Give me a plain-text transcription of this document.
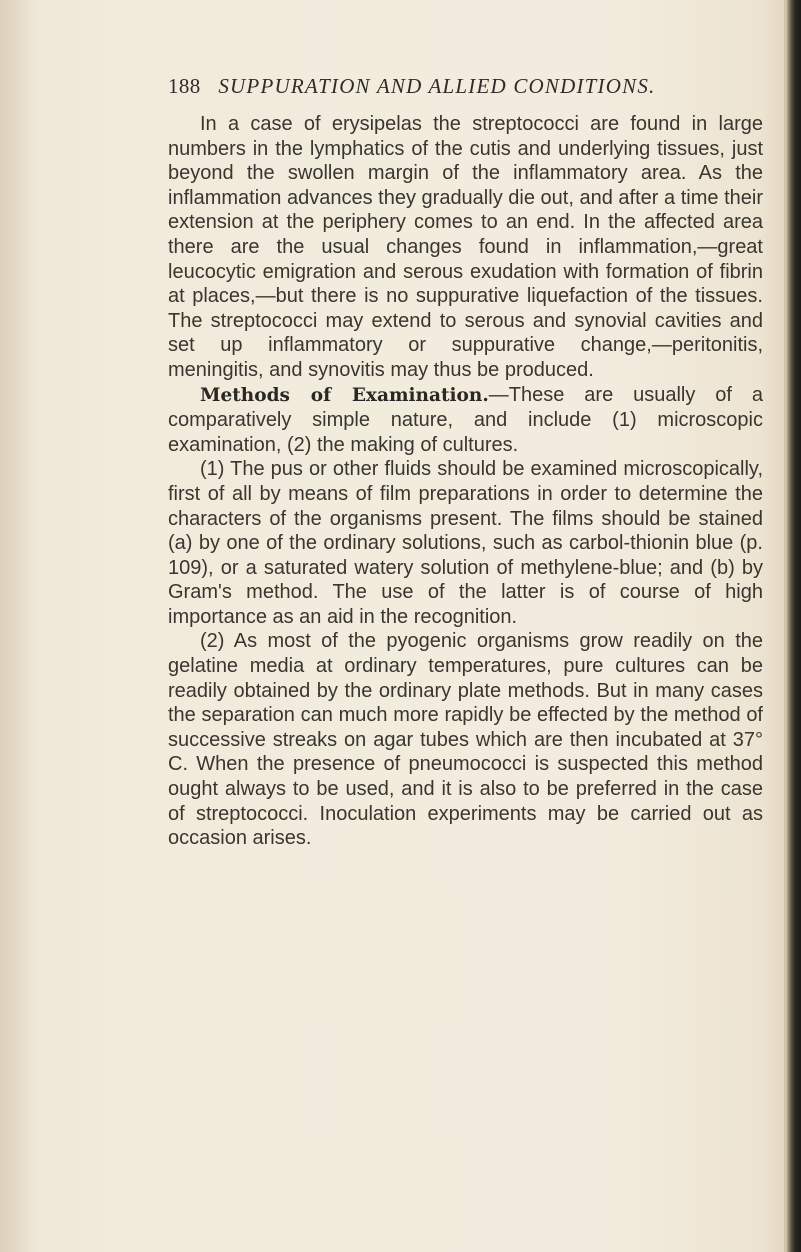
188 SUPPURATION AND ALLIED CONDITIONS.

In a case of erysipelas the streptococci are found in large numbers in the lymphatics of the cutis and underlying tissues, just beyond the swollen margin of the inflammatory area. As the inflammation advances they gradually die out, and after a time their extension at the periphery comes to an end. In the affected area there are the usual changes found in inflammation,—great leucocytic emigration and serous exudation with formation of fibrin at places,—but there is no suppurative liquefaction of the tissues. The streptococci may extend to serous and synovial cavities and set up inflammatory or suppurative change,—peritonitis, meningitis, and synovitis may thus be produced.

Methods of Examination.—These are usually of a comparatively simple nature, and include (1) microscopic examination, (2) the making of cultures.

(1) The pus or other fluids should be examined microscopically, first of all by means of film preparations in order to determine the characters of the organisms present. The films should be stained (a) by one of the ordinary solutions, such as carbol-thionin blue (p. 109), or a saturated watery solution of methylene-blue; and (b) by Gram's method. The use of the latter is of course of high importance as an aid in the recognition.

(2) As most of the pyogenic organisms grow readily on the gelatine media at ordinary temperatures, pure cultures can be readily obtained by the ordinary plate methods. But in many cases the separation can much more rapidly be effected by the method of successive streaks on agar tubes which are then incubated at 37° C. When the presence of pneumococci is suspected this method ought always to be used, and it is also to be preferred in the case of streptococci. Inoculation experiments may be carried out as occasion arises.
